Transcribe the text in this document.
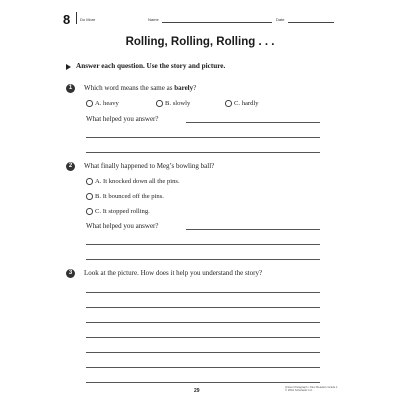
8 Do More	Name	Date
Rolling, Rolling, Rolling . . .
Answer each question. Use the story and picture.
1	Which word means the same as barely?
A. heavy	B. slowly	C. hardly
What helped you answer?
2	What finally happened to Meg’s bowling ball?
A. It knocked down all the pins.
B. It bounced off the pins.
C. It stopped rolling.
What helped you answer?
3	Look at the picture. How does it help you understand the story?
29
Unison Paragraph • Flex Readers Grade 1
© 2016 Scholastic Inc.
